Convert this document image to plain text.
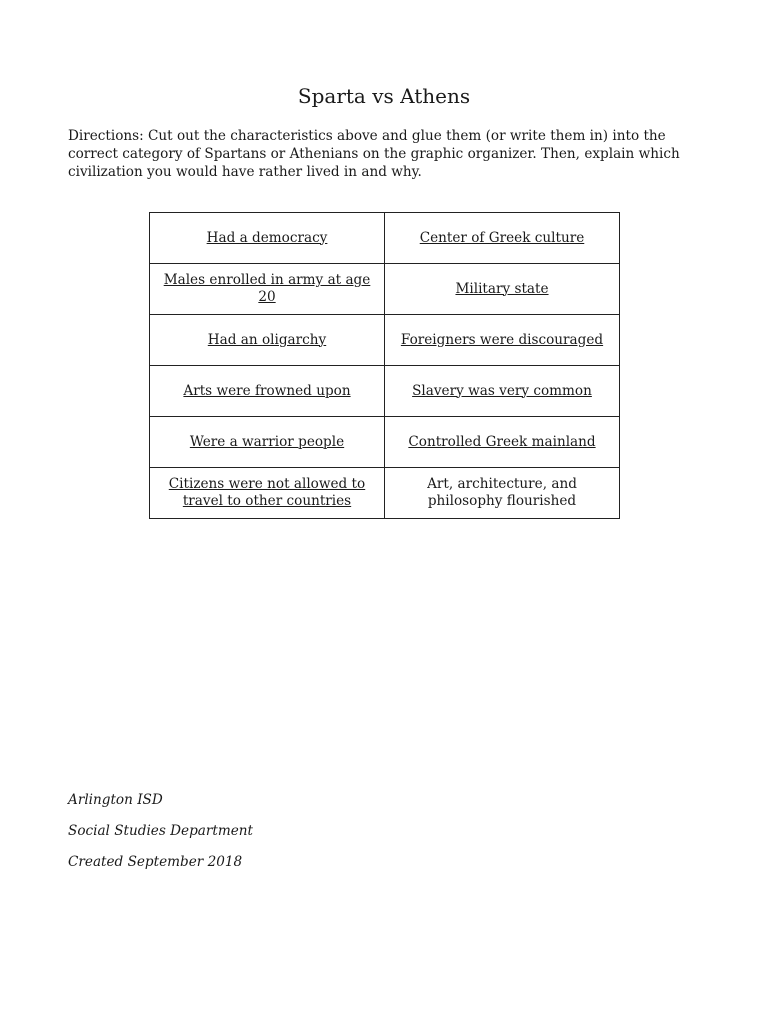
Sparta vs Athens
Directions: Cut out the characteristics above and glue them (or write them in) into the correct category of Spartans or Athenians on the graphic organizer. Then, explain which civilization you would have rather lived in and why.
Had a democracy	Center of Greek culture
Males enrolled in army at age 20	Military state
Had an oligarchy	Foreigners were discouraged
Arts were frowned upon	Slavery was very common
Were a warrior people	Controlled Greek mainland
Citizens were not allowed to travel to other countries	Art, architecture, and philosophy flourished
Arlington ISD
Social Studies Department
Created September 2018
